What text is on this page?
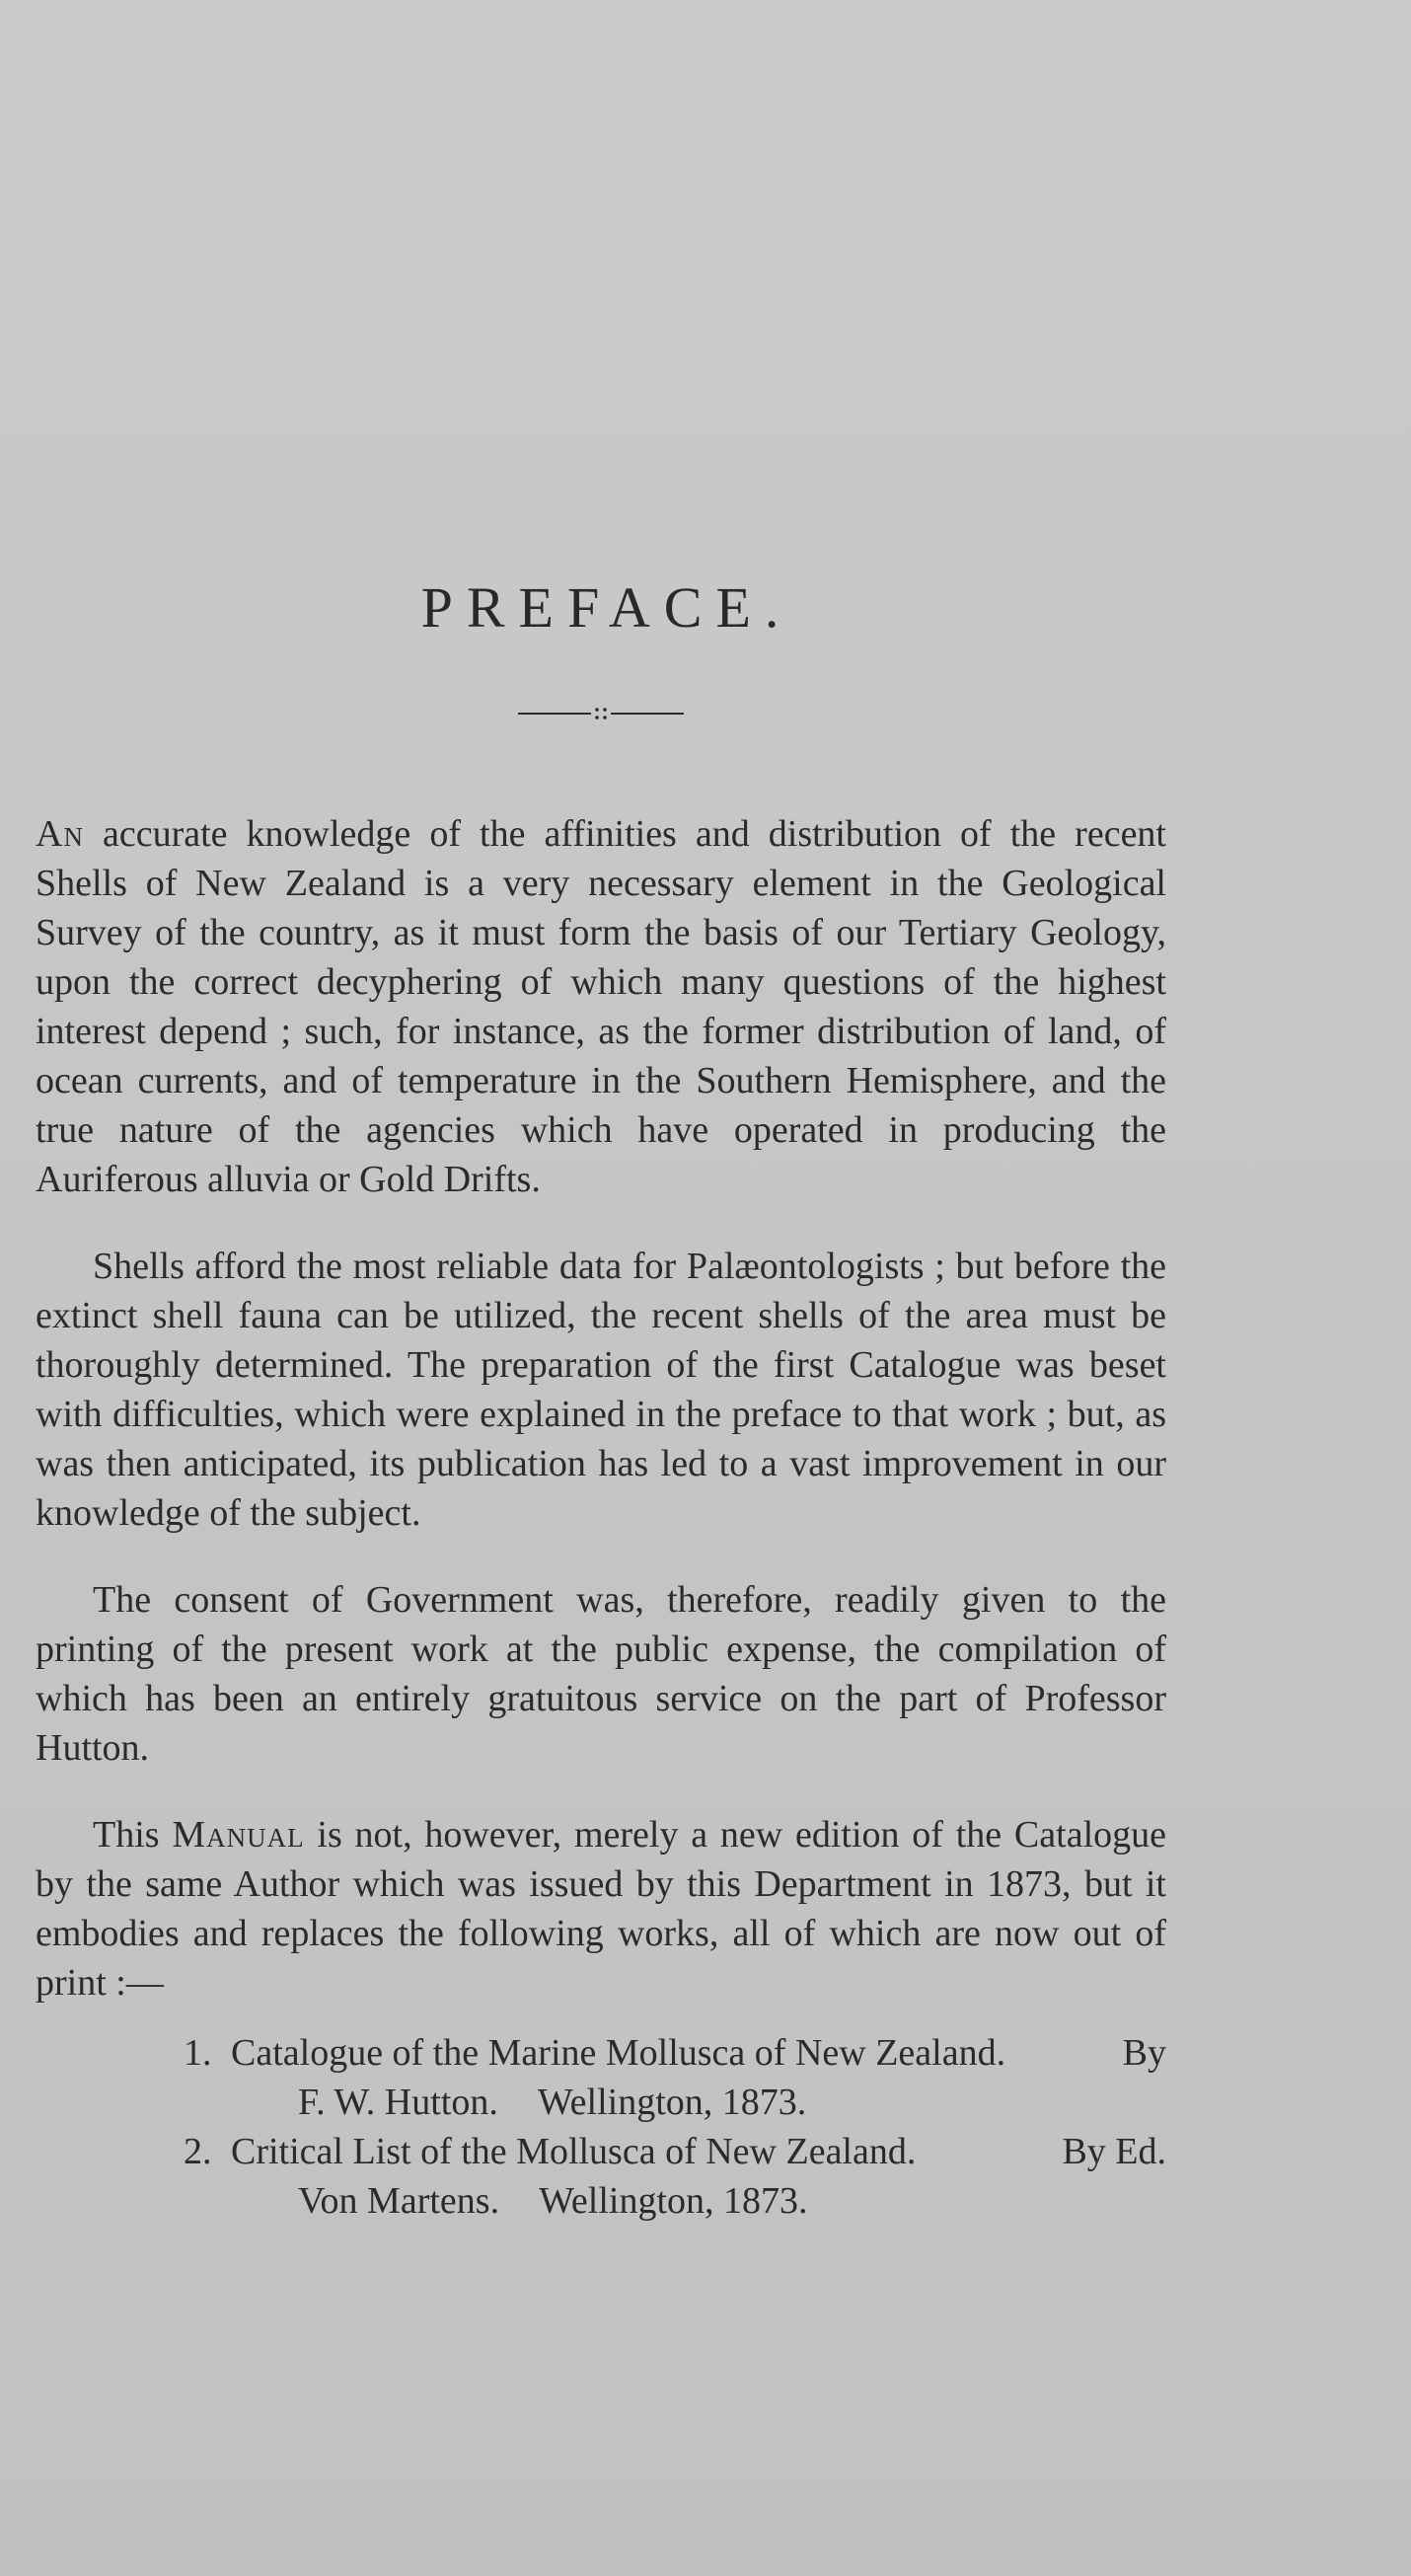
PREFACE.

An accurate knowledge of the affinities and distribution of the recent Shells of New Zealand is a very necessary element in the Geological Survey of the country, as it must form the basis of our Tertiary Geology, upon the correct decyphering of which many questions of the highest interest depend ; such, for instance, as the former distribution of land, of ocean currents, and of temperature in the Southern Hemisphere, and the true nature of the agencies which have operated in producing the Auriferous alluvia or Gold Drifts.

Shells afford the most reliable data for Palæontologists ; but before the extinct shell fauna can be utilized, the recent shells of the area must be thoroughly determined. The preparation of the first Catalogue was beset with difficulties, which were explained in the preface to that work ; but, as was then anticipated, its publication has led to a vast improvement in our knowledge of the subject.

The consent of Government was, therefore, readily given to the printing of the present work at the public expense, the compilation of which has been an entirely gratuitous service on the part of Professor Hutton.

This Manual is not, however, merely a new edition of the Catalogue by the same Author which was issued by this Department in 1873, but it embodies and replaces the following works, all of which are now out of print :—

1. Catalogue of the Marine Mollusca of New Zealand.	By
F. W. Hutton. Wellington, 1873.
2. Critical List of the Mollusca of New Zealand.	By Ed.
Von Martens. Wellington, 1873.
